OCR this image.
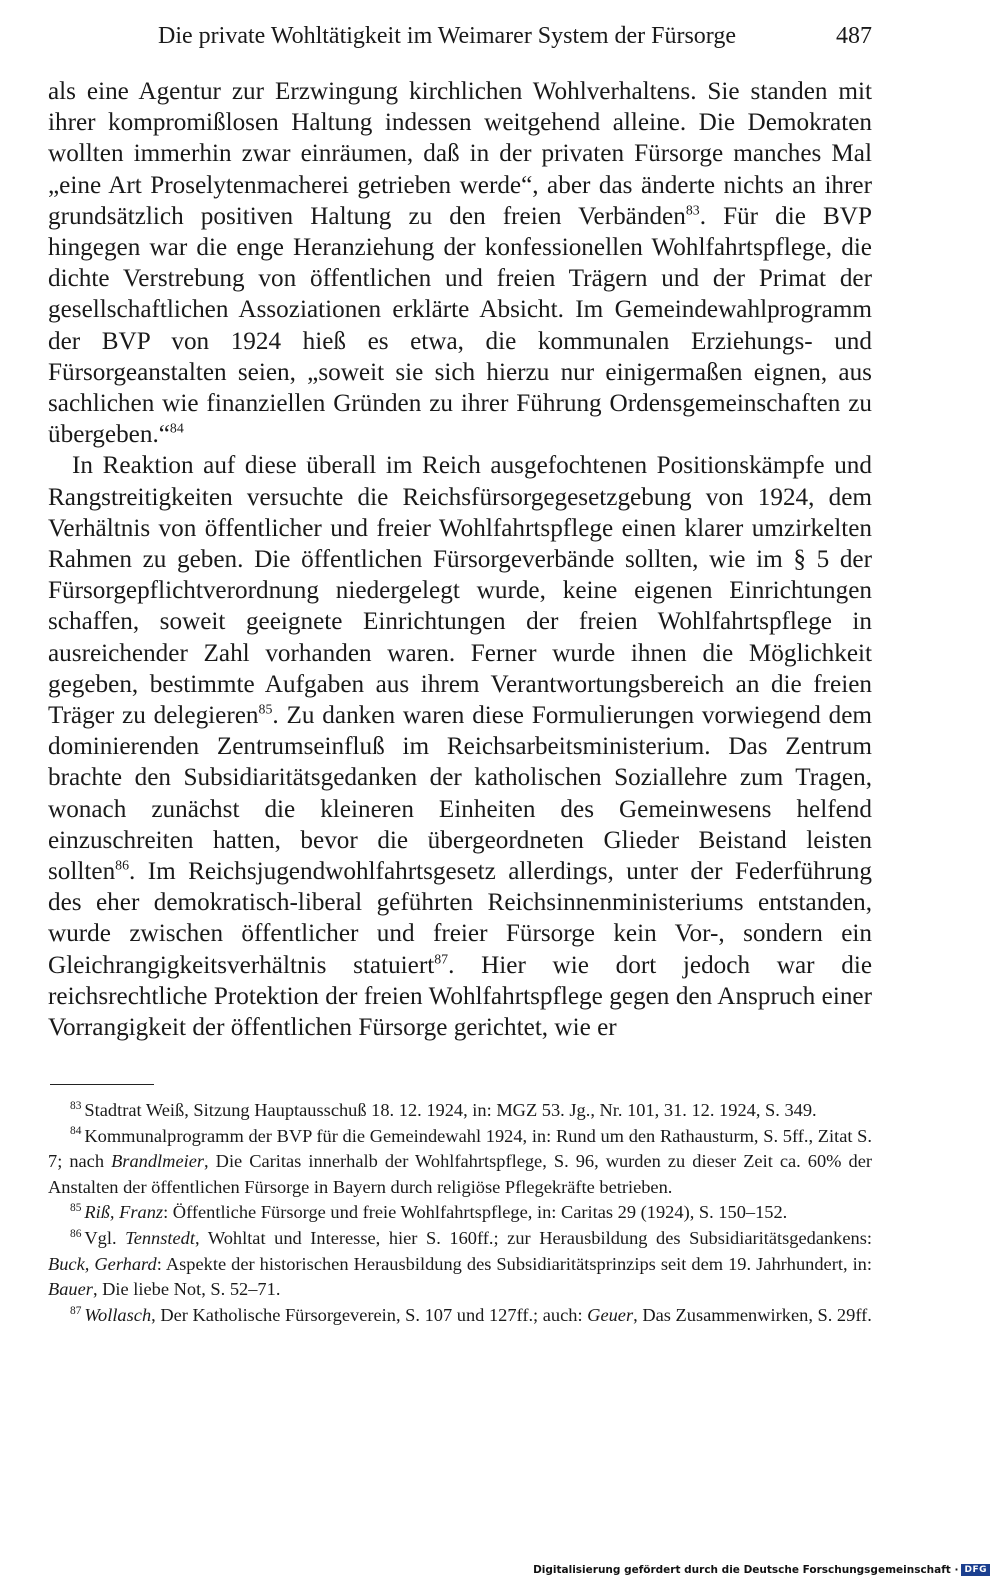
Die private Wohltätigkeit im Weimarer System der Fürsorge	487

als eine Agentur zur Erzwingung kirchlichen Wohlverhaltens. Sie standen mit ihrer kompromißlosen Haltung indessen weitgehend alleine. Die Demokraten wollten immerhin zwar einräumen, daß in der privaten Fürsorge manches Mal „eine Art Proselytenmacherei getrieben werde“, aber das änderte nichts an ihrer grundsätzlich positiven Haltung zu den freien Verbänden$^{83}$. Für die BVP hingegen war die enge Heranziehung der konfessionellen Wohlfahrtspflege, die dichte Verstrebung von öffentlichen und freien Trägern und der Primat der gesellschaftlichen Assoziationen erklärte Absicht. Im Gemeindewahlprogramm der BVP von 1924 hieß es etwa, die kommunalen Erziehungs- und Fürsorgeanstalten seien, „soweit sie sich hierzu nur einigermaßen eignen, aus sachlichen wie finanziellen Gründen zu ihrer Führung Ordensgemeinschaften zu übergeben.“$^{84}$

In Reaktion auf diese überall im Reich ausgefochtenen Positionskämpfe und Rangstreitigkeiten versuchte die Reichsfürsorgegesetzgebung von 1924, dem Verhältnis von öffentlicher und freier Wohlfahrtspflege einen klarer umzirkelten Rahmen zu geben. Die öffentlichen Fürsorgeverbände sollten, wie im § 5 der Fürsorgepflichtverordnung niedergelegt wurde, keine eigenen Einrichtungen schaffen, soweit geeignete Einrichtungen der freien Wohlfahrtspflege in ausreichender Zahl vorhanden waren. Ferner wurde ihnen die Möglichkeit gegeben, bestimmte Aufgaben aus ihrem Verantwortungsbereich an die freien Träger zu delegieren$^{85}$. Zu danken waren diese Formulierungen vorwiegend dem dominierenden Zentrumseinfluß im Reichsarbeitsministerium. Das Zentrum brachte den Subsidiaritätsgedanken der katholischen Soziallehre zum Tragen, wonach zunächst die kleineren Einheiten des Gemeinwesens helfend einzuschreiten hatten, bevor die übergeordneten Glieder Beistand leisten sollten$^{86}$. Im Reichsjugendwohlfahrtsgesetz allerdings, unter der Federführung des eher demokratisch-liberal geführten Reichsinnenministeriums entstanden, wurde zwischen öffentlicher und freier Fürsorge kein Vor-, sondern ein Gleichrangigkeitsverhältnis statuiert$^{87}$. Hier wie dort jedoch war die reichsrechtliche Protektion der freien Wohlfahrtspflege gegen den Anspruch einer Vorrangigkeit der öffentlichen Fürsorge gerichtet, wie er

$^{83}$ Stadtrat Weiß, Sitzung Hauptausschuß 18. 12. 1924, in: MGZ 53. Jg., Nr. 101, 31. 12. 1924, S. 349.

$^{84}$ Kommunalprogramm der BVP für die Gemeindewahl 1924, in: Rund um den Rathausturm, S. 5ff., Zitat S. 7; nach Brandlmeier, Die Caritas innerhalb der Wohlfahrtspflege, S. 96, wurden zu dieser Zeit ca. 60% der Anstalten der öffentlichen Fürsorge in Bayern durch religiöse Pflegekräfte betrieben.

$^{85}$ Riß, Franz: Öffentliche Fürsorge und freie Wohlfahrtspflege, in: Caritas 29 (1924), S. 150–152.

$^{86}$ Vgl. Tennstedt, Wohltat und Interesse, hier S. 160ff.; zur Herausbildung des Subsidiaritätsgedankens: Buck, Gerhard: Aspekte der historischen Herausbildung des Subsidiaritätsprinzips seit dem 19. Jahrhundert, in: Bauer, Die liebe Not, S. 52–71.

$^{87}$ Wollasch, Der Katholische Fürsorgeverein, S. 107 und 127ff.; auch: Geuer, Das Zusammenwirken, S. 29ff.

Digitalisierung gefördert durch die Deutsche Forschungsgemeinschaft · DFG
